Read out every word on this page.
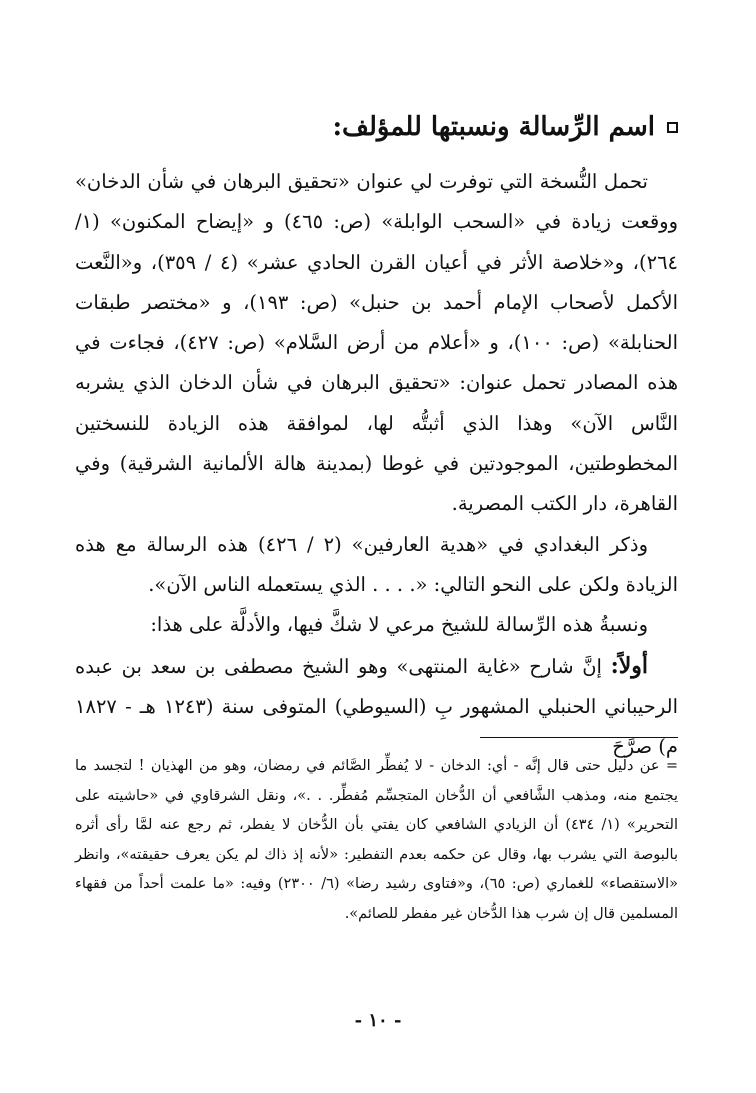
اسم الرِّسالة ونسبتها للمؤلف:

تحمل النُّسخة التي توفرت لي عنوان «تحقيق البرهان في شأن الدخان» ووقعت زيادة في «السحب الوابلة» (ص: ٤٦٥) و «إيضاح المكنون» (١/ ٢٦٤)، و«خلاصة الأثر في أعيان القرن الحادي عشر» (٤ / ٣٥٩)، و«النَّعت الأكمل لأصحاب الإمام أحمد بن حنبل» (ص: ١٩٣)، و «مختصر طبقات الحنابلة» (ص: ١٠٠)، و «أعلام من أرض السَّلام» (ص: ٤٢٧)، فجاءت في هذه المصادر تحمل عنوان: «تحقيق البرهان في شأن الدخان الذي يشربه النَّاس الآن» وهذا الذي أثبتُّه لها، لموافقة هذه الزيادة للنسختين المخطوطتين، الموجودتين في غوطا (بمدينة هالة الألمانية الشرقية) وفي القاهرة، دار الكتب المصرية.

وذكر البغدادي في «هدية العارفين» (٢ / ٤٢٦) هذه الرسالة مع هذه الزيادة ولكن على النحو التالي: «. . . . الذي يستعمله الناس الآن».

ونسبةُ هذه الرِّسالة للشيخ مرعي لا شكَّ فيها، والأدلَّة على هذا:

أولاً: إنَّ شارح «غاية المنتهى» وهو الشيخ مصطفى بن سعد بن عبده الرحيباني الحنبلي المشهور بِ (السيوطي) المتوفى سنة (١٢٤٣ هـ - ١٨٢٧ م) صرَّحَ

= عن دليل حتى قال إنَّه - أي: الدخان - لا يُفطِّر الصَّائم في رمضان، وهو من الهذيان ! لتجسد ما يجتمع منه، ومذهب الشَّافعي أن الدُّخان المتجسِّم مُفطِّر. . .»، ونقل الشرقاوي في «حاشيته على التحرير» (١/ ٤٣٤) أن الزيادي الشافعي كان يفتي بأن الدُّخان لا يفطر، ثم رجع عنه لمَّا رأى أثره بالبوصة التي يشرب بها، وقال عن حكمه بعدم التفطير: «لأنه إذ ذاك لم يكن يعرف حقيقته»، وانظر «الاستقصاء» للغماري (ص: ٦٥)، و«فتاوى رشيد رضا» (٦/ ٢٣٠٠) وفيه: «ما علمت أحداً من فقهاء المسلمين قال إن شرب هذا الدُّخان غير مفطر للصائم».

- ١٠ -
